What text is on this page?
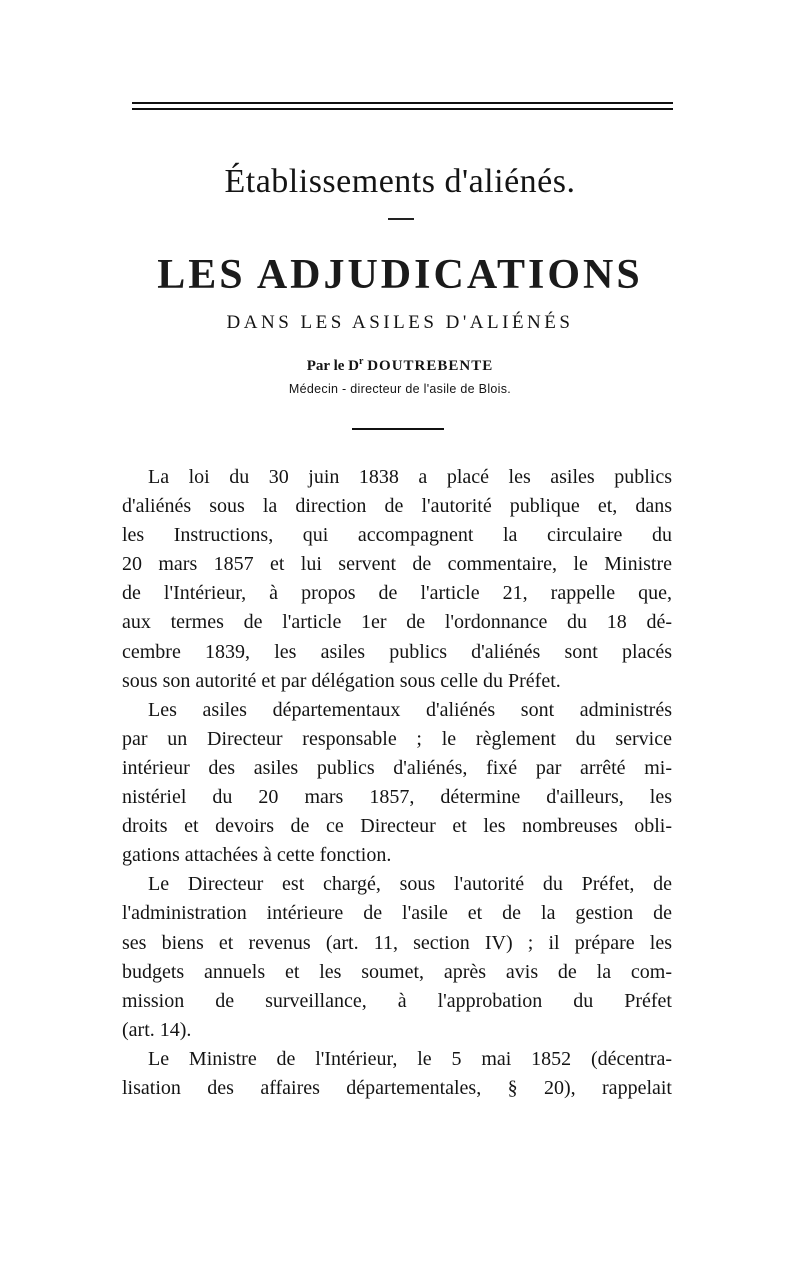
Établissements d'aliénés.
LES ADJUDICATIONS
DANS LES ASILES D'ALIÉNÉS
Par le $D^r$ DOUTREBENTE
Médecin - directeur de l'asile de Blois.
La loi du 30 juin 1838 a placé les asiles publics
d'aliénés sous la direction de l'autorité publique et, dans
les Instructions, qui accompagnent la circulaire du
20 mars 1857 et lui servent de commentaire, le Ministre
de l'Intérieur, à propos de l'article 21, rappelle que,
aux termes de l'article 1er de l'ordonnance du 18 dé-
cembre 1839, les asiles publics d'aliénés sont placés
sous son autorité et par délégation sous celle du Préfet.
Les asiles départementaux d'aliénés sont administrés
par un Directeur responsable ; le règlement du service
intérieur des asiles publics d'aliénés, fixé par arrêté mi-
nistériel du 20 mars 1857, détermine d'ailleurs, les
droits et devoirs de ce Directeur et les nombreuses obli-
gations attachées à cette fonction.
Le Directeur est chargé, sous l'autorité du Préfet, de
l'administration intérieure de l'asile et de la gestion de
ses biens et revenus (art. 11, section IV) ; il prépare les
budgets annuels et les soumet, après avis de la com-
mission de surveillance, à l'approbation du Préfet
(art. 14).
Le Ministre de l'Intérieur, le 5 mai 1852 (décentra-
lisation des affaires départementales, § 20), rappelait
